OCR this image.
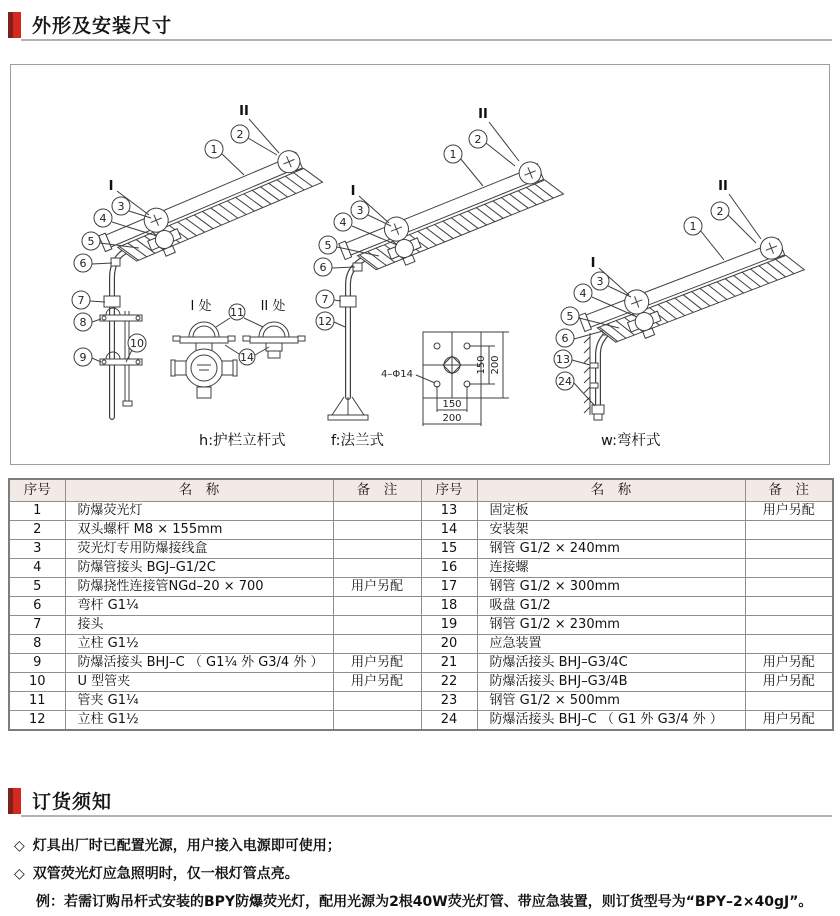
外形及安装尺寸
II
I
1
2
3
4
5
6
7
8
9
10
h:护栏立杆式
I 处	II 处
11
14
II
I
1
2
3
4
5
6
7
12
f:法兰式
150 200
150
200
4–Φ14
II
I
1
2
3
4
5
6
13
24
w:弯杆式
序号	名　称	备　注	序号	名　称	备　注
1	防爆荧光灯		13	固定板	用户另配
2	双头螺杆 M8 × 155mm		14	安装架	
3	荧光灯专用防爆接线盒		15	钢管 G1/2 × 240mm	
4	防爆管接头 BGJ–G1/2C		16	连接螺	
5	防爆挠性连接管NGd–20 × 700	用户另配	17	钢管 G1/2 × 300mm	
6	弯杆 G1¼		18	吸盘 G1/2	
7	接头		19	钢管 G1/2 × 230mm	
8	立柱 G1½		20	应急装置	
9	防爆活接头 BHJ–C （ G1¼ 外 G3/4 外 ）	用户另配	21	防爆活接头 BHJ–G3/4C	用户另配
10	U 型管夹	用户另配	22	防爆活接头 BHJ–G3/4B	用户另配
11	管夹 G1¼		23	钢管 G1/2 × 500mm	
12	立柱 G1½		24	防爆活接头 BHJ–C （ G1 外 G3/4 外 ）	用户另配
订货须知
◇ 灯具出厂时已配置光源，用户接入电源即可使用；
◇ 双管荧光灯应急照明时，仅一根灯管点亮。
例：若需订购吊杆式安装的BPY防爆荧光灯，配用光源为2根40W荧光灯管、带应急装置，则订货型号为“BPY–2×40gJ”。
